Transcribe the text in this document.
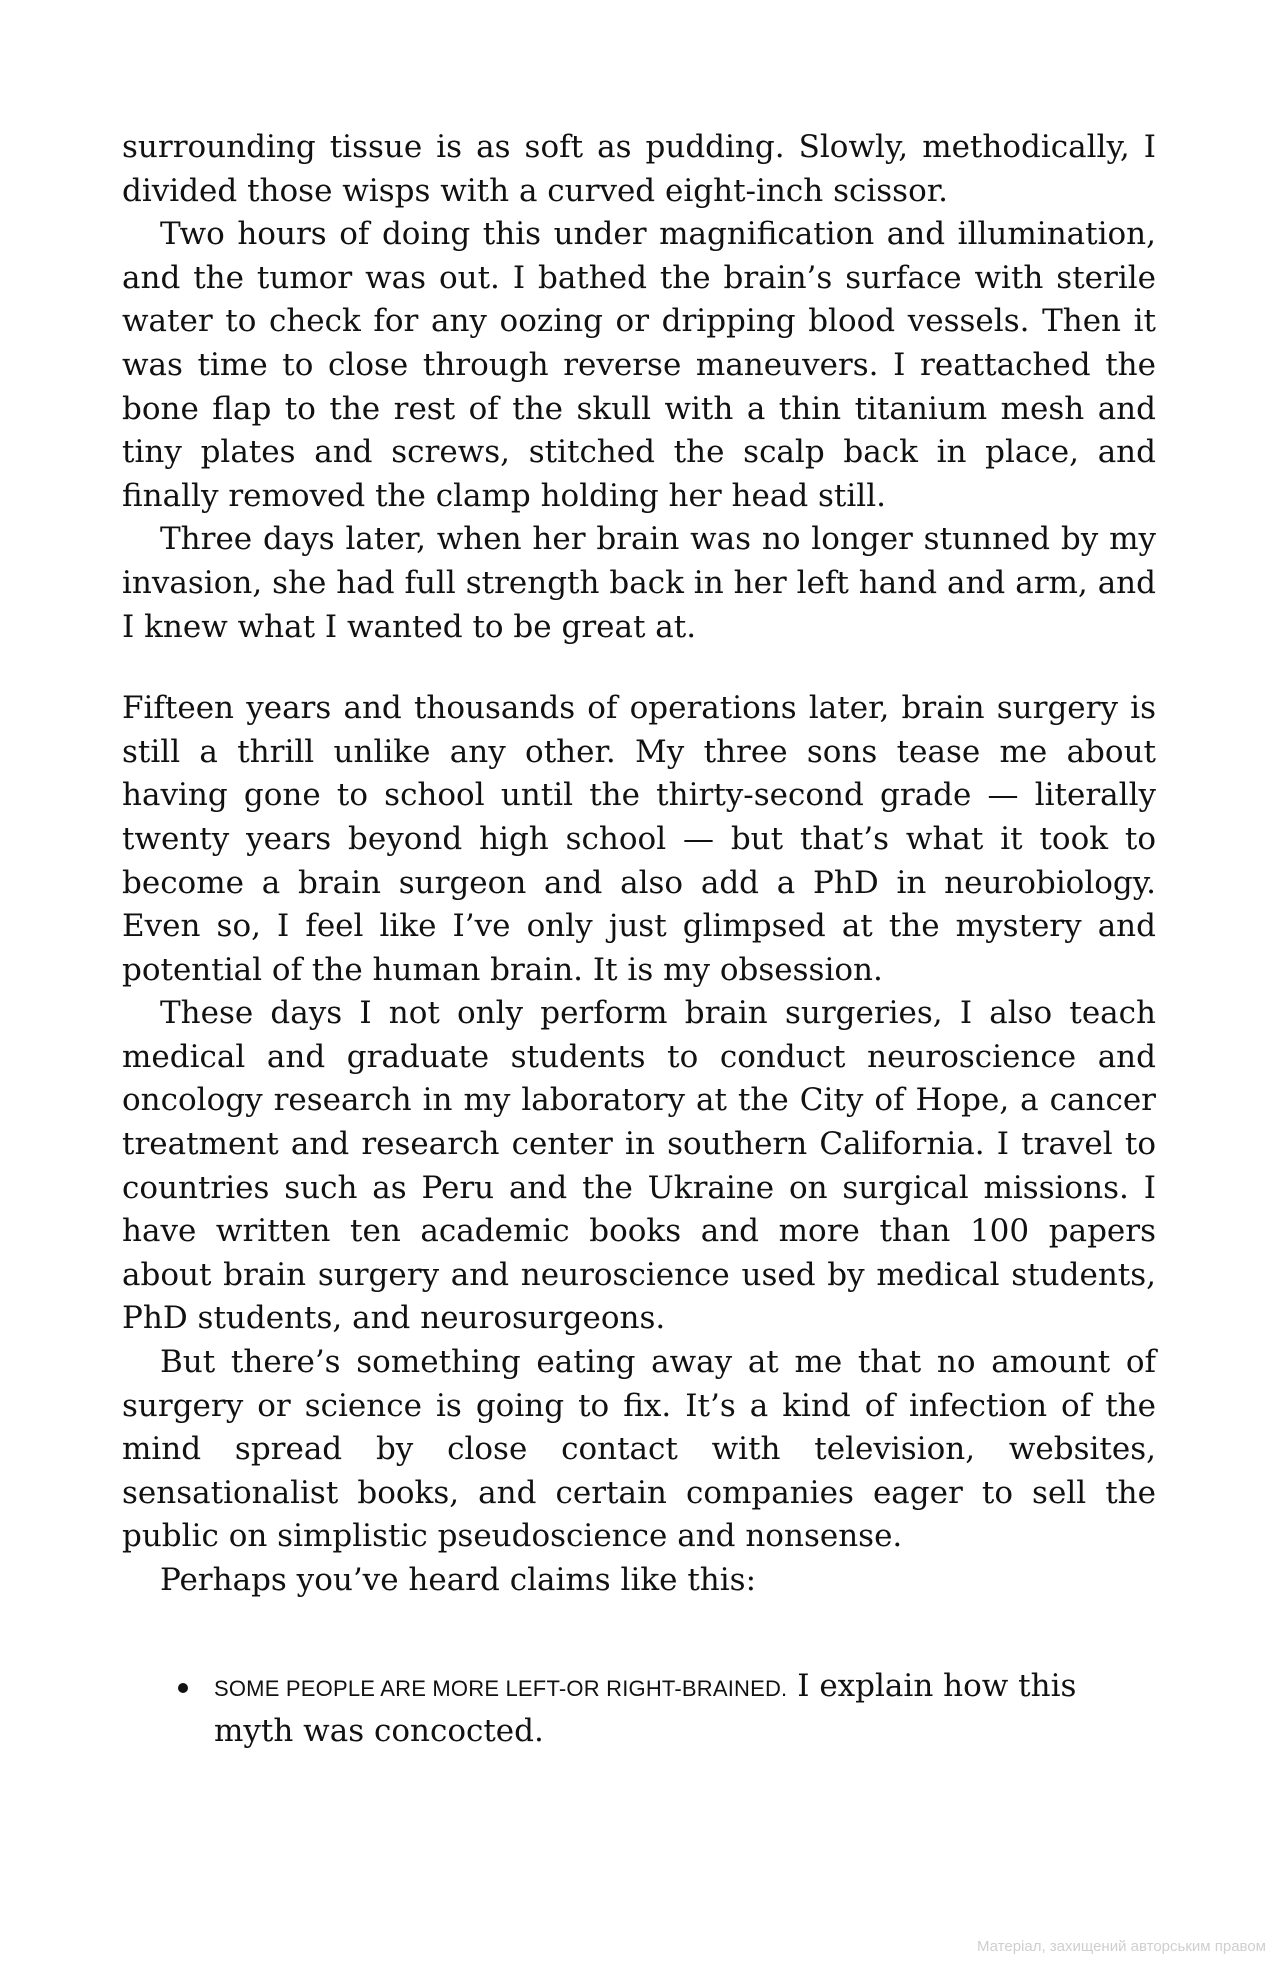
surrounding tissue is as soft as pudding. Slowly, methodically, I divided those wisps with a curved eight-inch scissor.

Two hours of doing this under magnification and illumination, and the tumor was out. I bathed the brain’s surface with sterile water to check for any oozing or dripping blood vessels. Then it was time to close through reverse maneuvers. I reattached the bone flap to the rest of the skull with a thin titanium mesh and tiny plates and screws, stitched the scalp back in place, and finally removed the clamp holding her head still.

Three days later, when her brain was no longer stunned by my invasion, she had full strength back in her left hand and arm, and I knew what I wanted to be great at.

Fifteen years and thousands of operations later, brain surgery is still a thrill unlike any other. My three sons tease me about having gone to school until the thirty-second grade — literally twenty years beyond high school — but that’s what it took to become a brain surgeon and also add a PhD in neurobiology. Even so, I feel like I’ve only just glimpsed at the mystery and potential of the human brain. It is my obsession.

These days I not only perform brain surgeries, I also teach medical and graduate students to conduct neuroscience and oncology research in my laboratory at the City of Hope, a cancer treatment and research center in southern California. I travel to countries such as Peru and the Ukraine on surgical missions. I have written ten academic books and more than 100 papers about brain surgery and neuroscience used by medical students, PhD students, and neurosurgeons.

But there’s something eating away at me that no amount of surgery or science is going to fix. It’s a kind of infection of the mind spread by close contact with television, websites, sensationalist books, and certain companies eager to sell the public on simplistic pseudoscience and nonsense.

Perhaps you’ve heard claims like this:

SOME PEOPLE ARE MORE LEFT-OR RIGHT-BRAINED. I explain how this myth was concocted.
Матеріал, захищений авторським правом
